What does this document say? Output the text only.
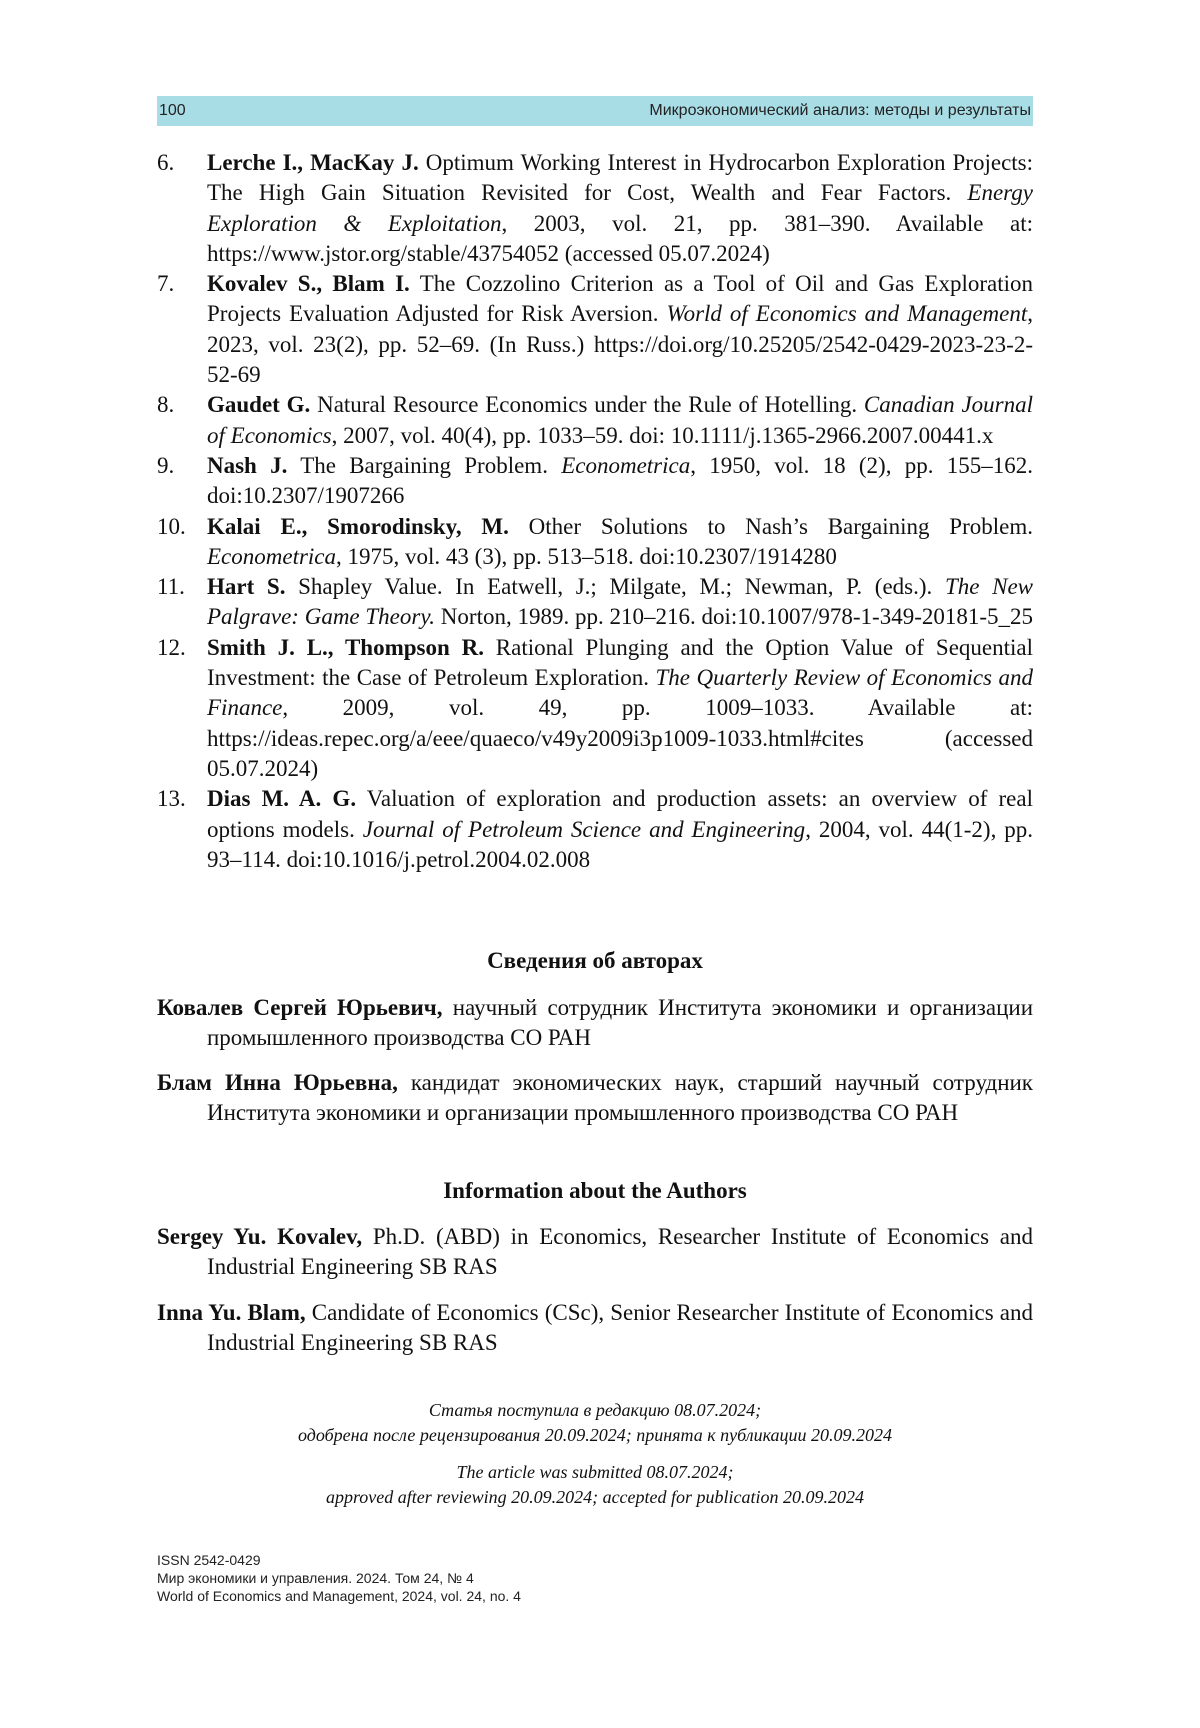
100	Микроэкономический анализ: методы и результаты
6.	Lerche I., MacKay J. Optimum Working Interest in Hydrocarbon Exploration Projects: The High Gain Situation Revisited for Cost, Wealth and Fear Factors. Energy Exploration & Exploitation, 2003, vol. 21, pp. 381–390. Available at: https://www.jstor.org/stable/43754052 (accessed 05.07.2024)
7.	Kovalev S., Blam I. The Cozzolino Criterion as a Tool of Oil and Gas Exploration Projects Evaluation Adjusted for Risk Aversion. World of Economics and Management, 2023, vol. 23(2), pp. 52–69. (In Russ.) https://doi.org/10.25205/2542-0429-2023-23-2-52-69
8.	Gaudet G. Natural Resource Economics under the Rule of Hotelling. Canadian Journal of Economics, 2007, vol. 40(4), pp. 1033–59. doi: 10.1111/j.1365-2966.2007.00441.x
9.	Nash J. The Bargaining Problem. Econometrica, 1950, vol. 18 (2), pp. 155–162. doi:10.2307/1907266
10. Kalai E., Smorodinsky, M. Other Solutions to Nash’s Bargaining Problem. Econometrica, 1975, vol. 43 (3), pp. 513–518. doi:10.2307/1914280
11. Hart S. Shapley Value. In Eatwell, J.; Milgate, M.; Newman, P. (eds.). The New Palgrave: Game Theory. Norton, 1989. pp. 210–216. doi:10.1007/978-1-349-20181-5_25
12. Smith J. L., Thompson R. Rational Plunging and the Option Value of Sequential Investment: the Case of Petroleum Exploration. The Quarterly Review of Economics and Finance, 2009, vol. 49, pp. 1009–1033. Available at: https://ideas.repec.org/a/eee/quaeco/v49y2009i3p1009-1033.html#cites (accessed 05.07.2024)
13. Dias M. A. G. Valuation of exploration and production assets: an overview of real options models. Journal of Petroleum Science and Engineering, 2004, vol. 44(1-2), pp. 93–114. doi:10.1016/j.petrol.2004.02.008
Сведения об авторах
Ковалев Сергей Юрьевич, научный сотрудник Института экономики и организации промышленного производства СО РАН
Блам Инна Юрьевна, кандидат экономических наук, старший научный сотрудник Института экономики и организации промышленного производства СО РАН
Information about the Authors
Sergey Yu. Kovalev, Ph.D. (ABD) in Economics, Researcher Institute of Economics and Industrial Engineering SB RAS
Inna Yu. Blam, Candidate of Economics (CSc), Senior Researcher Institute of Economics and Industrial Engineering SB RAS
Статья поступила в редакцию 08.07.2024;
одобрена после рецензирования 20.09.2024; принята к публикации 20.09.2024
The article was submitted 08.07.2024;
approved after reviewing 20.09.2024; accepted for publication 20.09.2024
ISSN 2542-0429
Мир экономики и управления. 2024. Том 24, № 4
World of Economics and Management, 2024, vol. 24, no. 4
